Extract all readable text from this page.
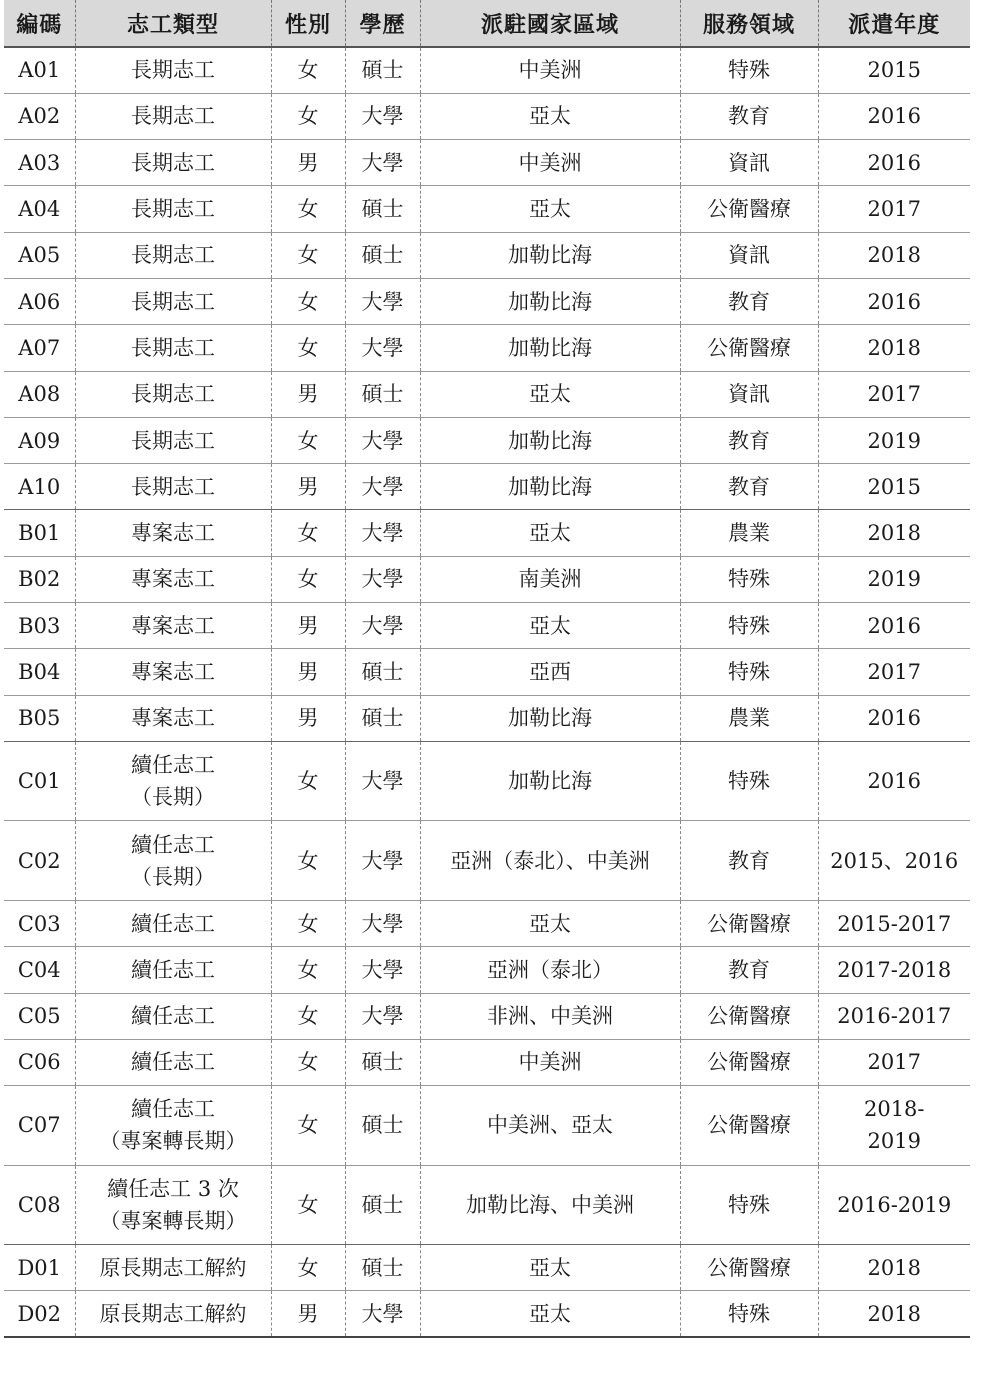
編碼	志工類型	性別	學歷	派駐國家區域	服務領域	派遣年度
A01	長期志工	女	碩士	中美洲	特殊	2015

A02	長期志工	女	大學	亞太	教育	2016

A03	長期志工	男	大學	中美洲	資訊	2016

A04	長期志工	女	碩士	亞太	公衛醫療	2017

A05	長期志工	女	碩士	加勒比海	資訊	2018

A06	長期志工	女	大學	加勒比海	教育	2016

A07	長期志工	女	大學	加勒比海	公衛醫療	2018

A08	長期志工	男	碩士	亞太	資訊	2017

A09	長期志工	女	大學	加勒比海	教育	2019

A10	長期志工	男	大學	加勒比海	教育	2015

B01	專案志工	女	大學	亞太	農業	2018

B02	專案志工	女	大學	南美洲	特殊	2019

B03	專案志工	男	大學	亞太	特殊	2016

B04	專案志工	男	碩士	亞西	特殊	2017

B05	專案志工	男	碩士	加勒比海	農業	2016

C01	續任志工
（長期）	女	大學	加勒比海	特殊	2016

C02	續任志工
（長期）	女	大學	亞洲（泰北）、中美洲	教育	2015、2016

C03	續任志工	女	大學	亞太	公衛醫療	2015-2017

C04	續任志工	女	大學	亞洲（泰北）	教育	2017-2018

C05	續任志工	女	大學	非洲、中美洲	公衛醫療	2016-2017

C06	續任志工	女	碩士	中美洲	公衛醫療	2017

C07	續任志工
（專案轉長期）	女	碩士	中美洲、亞太	公衛醫療	2018-
2019

C08	續任志工 3 次
（專案轉長期）	女	碩士	加勒比海、中美洲	特殊	2016-2019

D01	原長期志工解約	女	碩士	亞太	公衛醫療	2018

D02	原長期志工解約	男	大學	亞太	特殊	2018
